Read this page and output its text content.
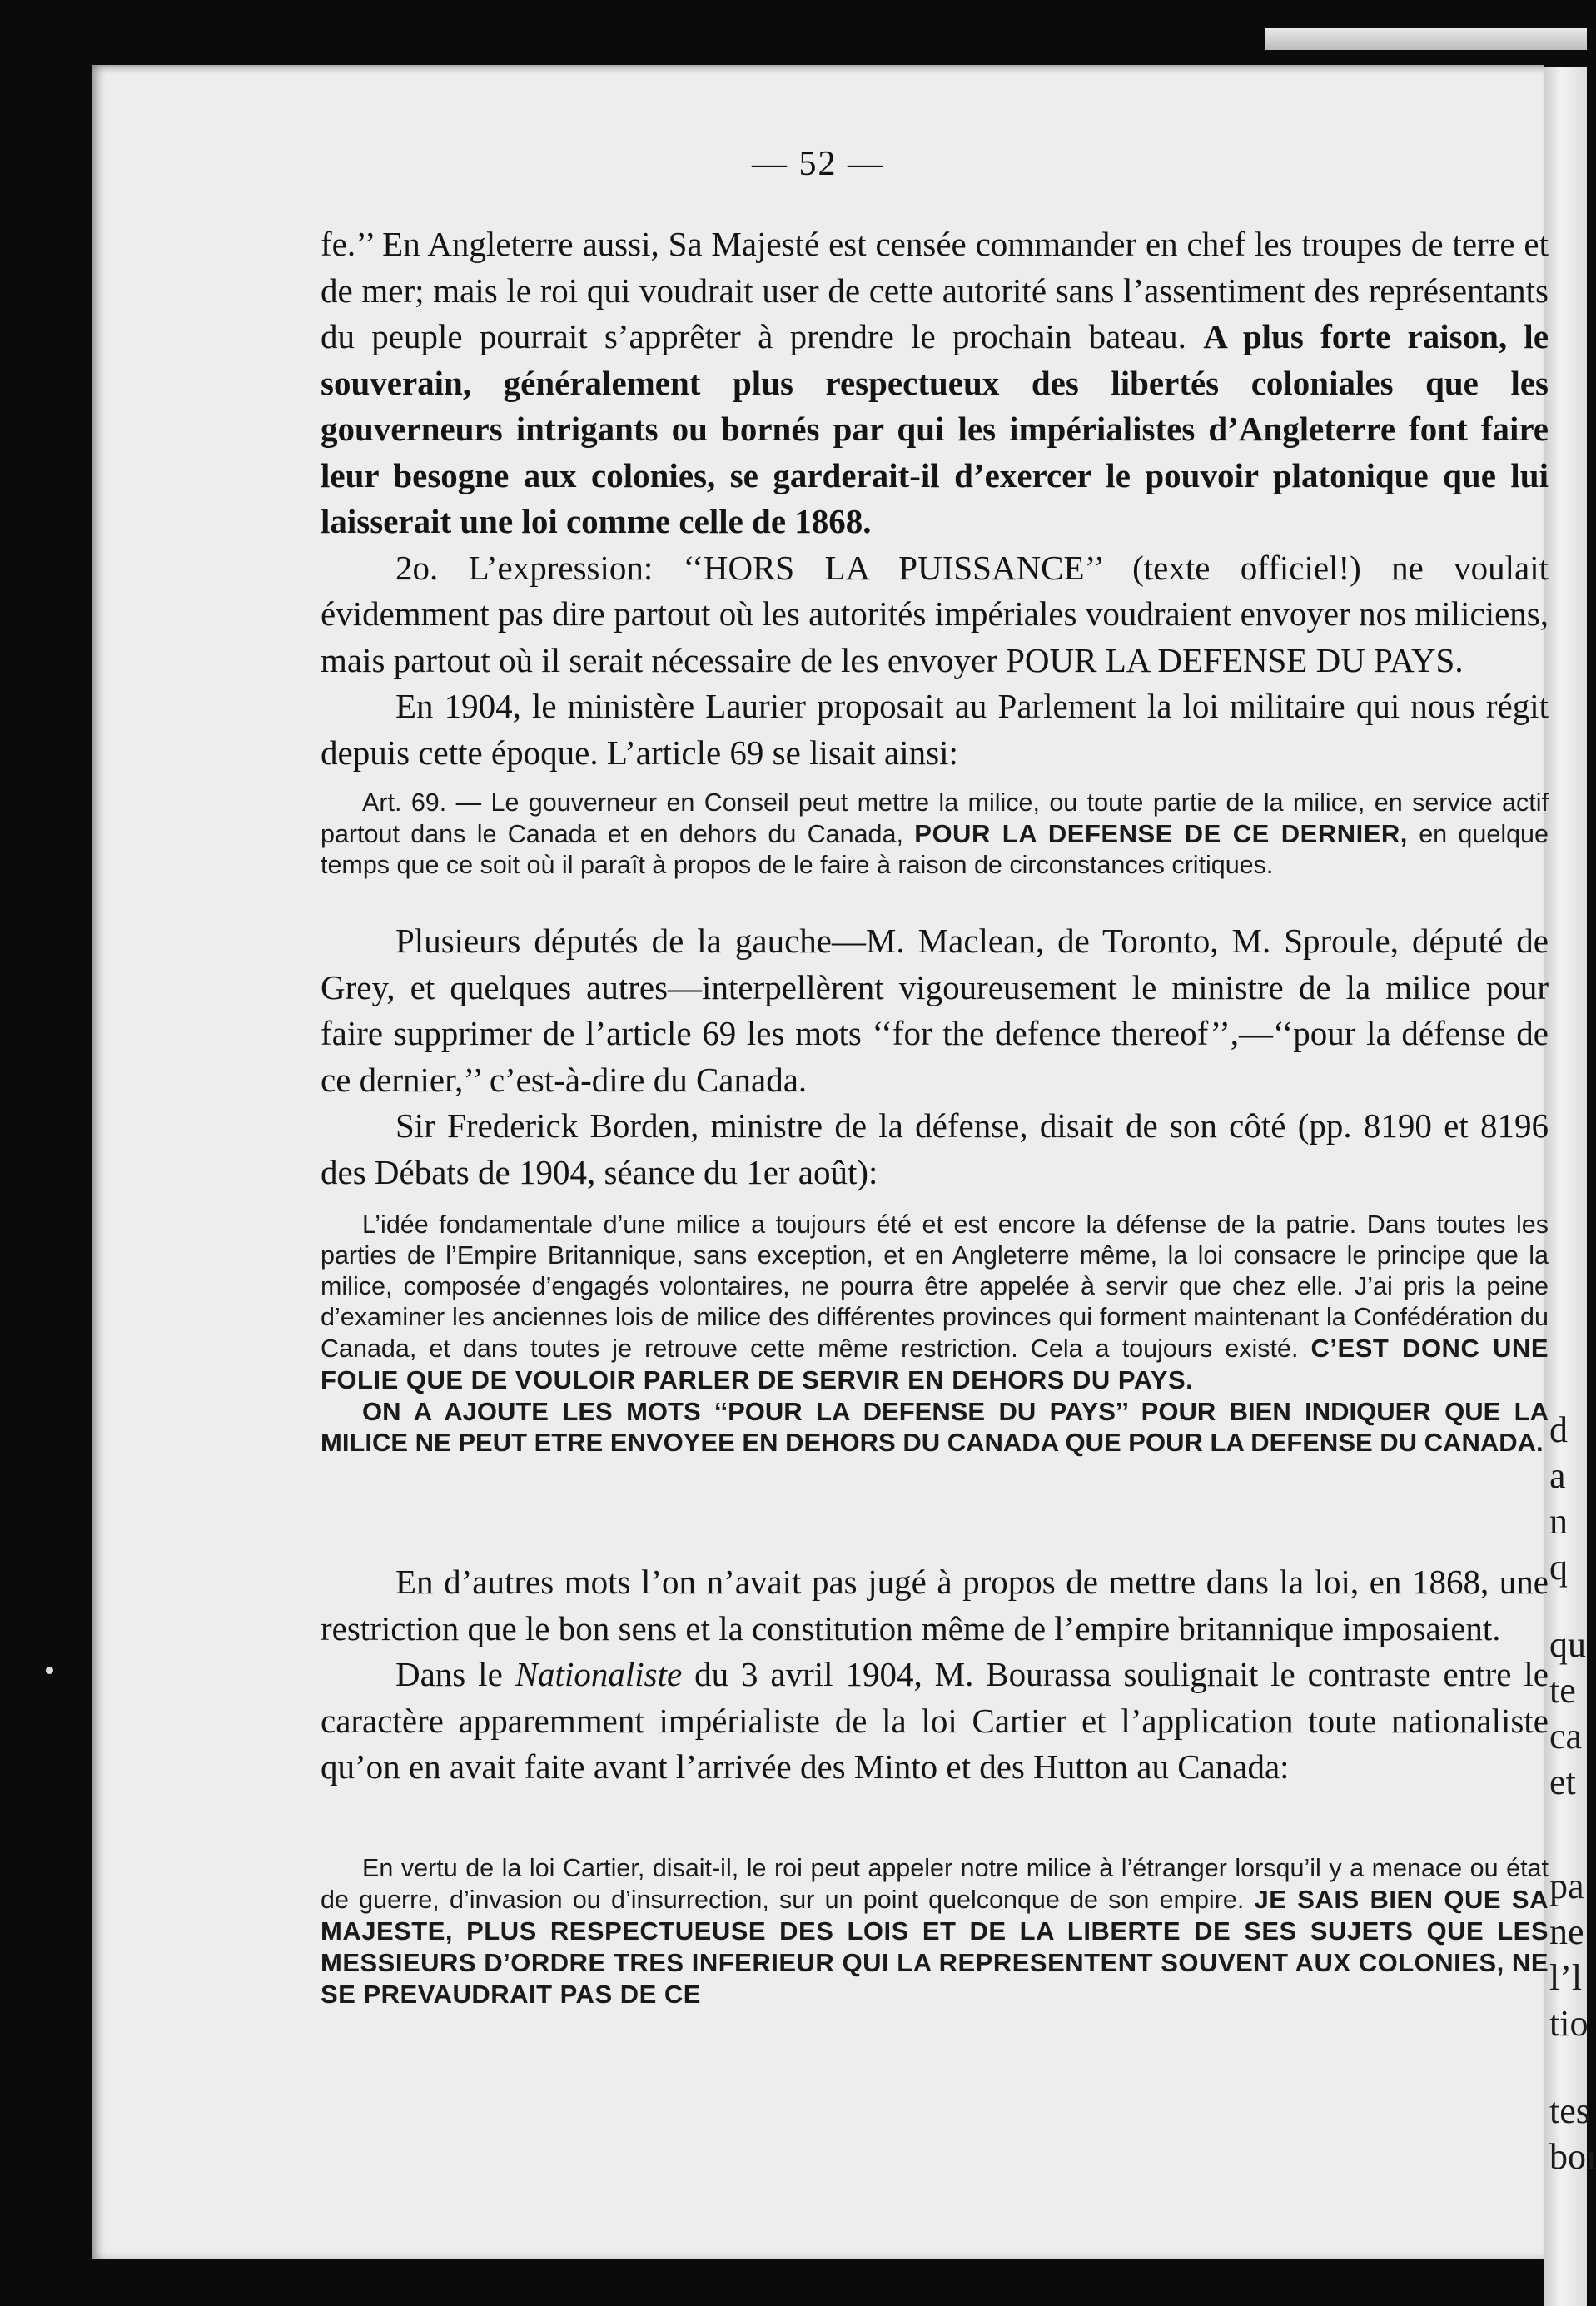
d
a
n
q
qu
te
ca
et
pa
ne
l’l
tio
tes
boı
— 52 —

fe.’’ En Angleterre aussi, Sa Majesté est censée commander en chef les troupes de terre et de mer; mais le roi qui voudrait user de cette autorité sans l’assentiment des représentants du peuple pourrait s’apprêter à prendre le prochain bateau. A plus forte raison, le souverain, généralement plus respectueux des libertés coloniales que les gouverneurs intrigants ou bornés par qui les impérialistes d’Angleterre font faire leur besogne aux colonies, se garderait-il d’exercer le pouvoir platonique que lui laisserait une loi comme celle de 1868.

2o. L’expression: ‘‘HORS LA PUISSANCE’’ (texte officiel!) ne voulait évidemment pas dire partout où les autorités impériales voudraient envoyer nos miliciens, mais partout où il serait nécessaire de les envoyer POUR LA DEFENSE DU PAYS.

En 1904, le ministère Laurier proposait au Parlement la loi militaire qui nous régit depuis cette époque. L’article 69 se lisait ainsi:

Art. 69. — Le gouverneur en Conseil peut mettre la milice, ou toute partie de la milice, en service actif partout dans le Canada et en dehors du Canada, POUR LA DEFENSE DE CE DERNIER, en quelque temps que ce soit où il paraît à propos de le faire à raison de circonstances critiques.

Plusieurs députés de la gauche—M. Maclean, de Toronto, M. Sproule, député de Grey, et quelques autres—interpellèrent vigoureusement le ministre de la milice pour faire supprimer de l’article 69 les mots ‘‘for the defence thereof’’,—‘‘pour la défense de ce dernier,’’ c’est-à-dire du Canada.

Sir Frederick Borden, ministre de la défense, disait de son côté (pp. 8190 et 8196 des Débats de 1904, séance du 1er août):

L’idée fondamentale d’une milice a toujours été et est encore la défense de la patrie. Dans toutes les parties de l’Empire Britannique, sans exception, et en Angleterre même, la loi consacre le principe que la milice, composée d’engagés volontaires, ne pourra être appelée à servir que chez elle. J’ai pris la peine d’examiner les anciennes lois de milice des différentes provinces qui forment maintenant la Confédération du Canada, et dans toutes je retrouve cette même restriction. Cela a toujours existé. C’EST DONC UNE FOLIE QUE DE VOULOIR PARLER DE SERVIR EN DEHORS DU PAYS.

ON A AJOUTE LES MOTS ‘‘POUR LA DEFENSE DU PAYS’’ POUR BIEN INDIQUER QUE LA MILICE NE PEUT ETRE ENVOYEE EN DEHORS DU CANADA QUE POUR LA DEFENSE DU CANADA.

En d’autres mots l’on n’avait pas jugé à propos de mettre dans la loi, en 1868, une restriction que le bon sens et la constitution même de l’empire britannique imposaient.

Dans le Nationaliste du 3 avril 1904, M. Bourassa soulignait le contraste entre le caractère apparemment impérialiste de la loi Cartier et l’application toute nationaliste qu’on en avait faite avant l’arrivée des Minto et des Hutton au Canada:

En vertu de la loi Cartier, disait-il, le roi peut appeler notre milice à l’étranger lorsqu’il y a menace ou état de guerre, d’invasion ou d’insurrection, sur un point quelconque de son empire. JE SAIS BIEN QUE SA MAJESTE, PLUS RESPECTUEUSE DES LOIS ET DE LA LIBERTE DE SES SUJETS QUE LES MESSIEURS D’ORDRE TRES INFERIEUR QUI LA REPRESENTENT SOUVENT AUX COLONIES, NE SE PREVAUDRAIT PAS DE CE
